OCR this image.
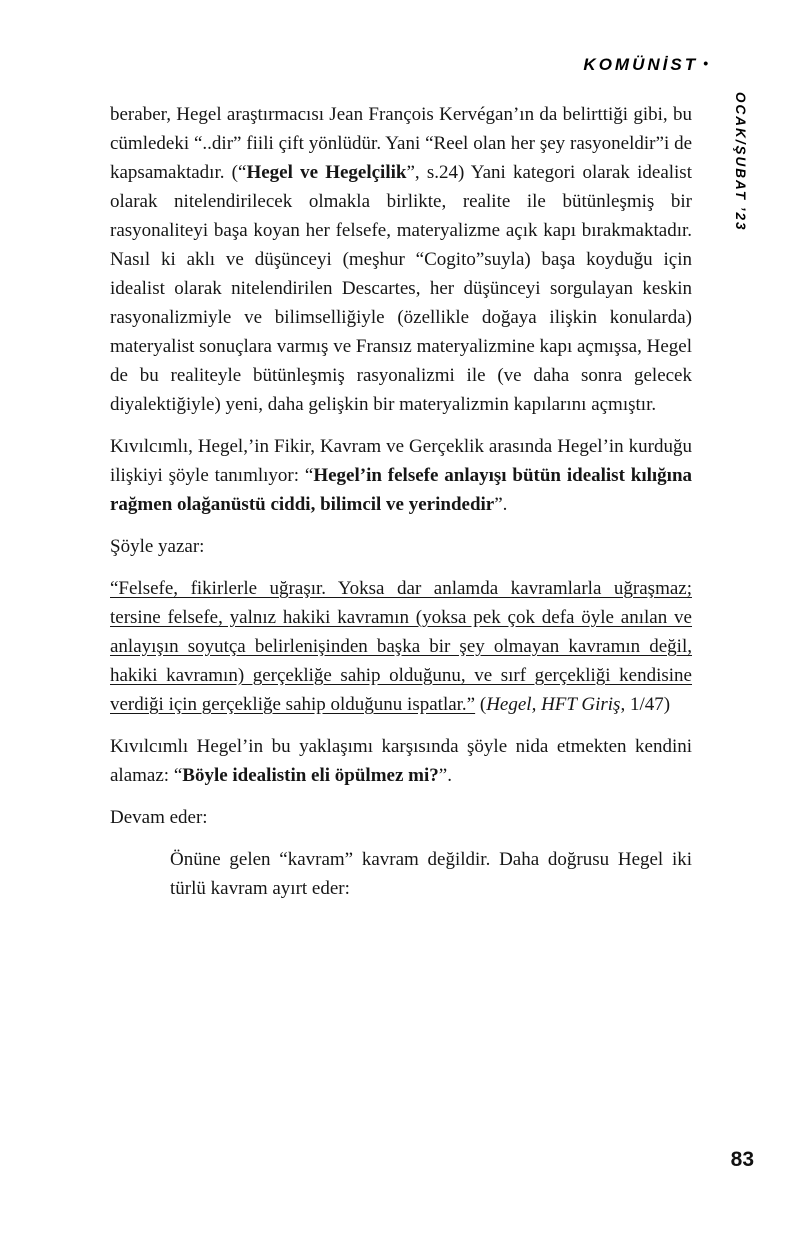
KOMÜNİST •
OCAK/ŞUBAT ’23

beraber, Hegel araştırmacısı Jean François Kervégan’ın da belirttiği gibi, bu cümledeki “..dir” fiili çift yönlüdür. Yani “Reel olan her şey rasyoneldir”i de kapsamaktadır. (“Hegel ve Hegelçilik”, s.24) Yani kategori olarak idealist olarak nitelendirilecek olmakla birlikte, realite ile bütünleşmiş bir rasyonaliteyi başa koyan her felsefe, materyalizme açık kapı bırakmaktadır. Nasıl ki aklı ve düşünceyi (meşhur “Cogito”suyla) başa koyduğu için idealist olarak nitelendirilen Descartes, her düşünceyi sorgulayan keskin rasyonalizmiyle ve bilimselliğiyle (özellikle doğaya ilişkin konularda) materyalist sonuçlara varmış ve Fransız materyalizmine kapı açmışsa, Hegel de bu realiteyle bütünleşmiş rasyonalizmi ile (ve daha sonra gelecek diyalektiğiyle) yeni, daha gelişkin bir materyalizmin kapılarını açmıştır.

Kıvılcımlı, Hegel,’in Fikir, Kavram ve Gerçeklik arasında Hegel’in kurduğu ilişkiyi şöyle tanımlıyor: “Hegel’in felsefe anlayışı bütün idealist kılığına rağmen olağanüstü ciddi, bilimcil ve yerindedir”.

Şöyle yazar:

“Felsefe, fikirlerle uğraşır. Yoksa dar anlamda kavramlarla uğraşmaz; tersine felsefe, yalnız hakiki kavramın (yoksa pek çok defa öyle anılan ve anlayışın soyutça belirlenişinden başka bir şey olmayan kavramın değil, hakiki kavramın) gerçekliğe sahip olduğunu, ve sırf gerçekliği kendisine verdiği için gerçekliğe sahip olduğunu ispatlar.” (Hegel, HFT Giriş, 1/47)

Kıvılcımlı Hegel’in bu yaklaşımı karşısında şöyle nida etmekten kendini alamaz: “Böyle idealistin eli öpülmez mi?”.

Devam eder:

Önüne gelen “kavram” kavram değildir. Daha doğrusu Hegel iki türlü kavram ayırt eder:

83
